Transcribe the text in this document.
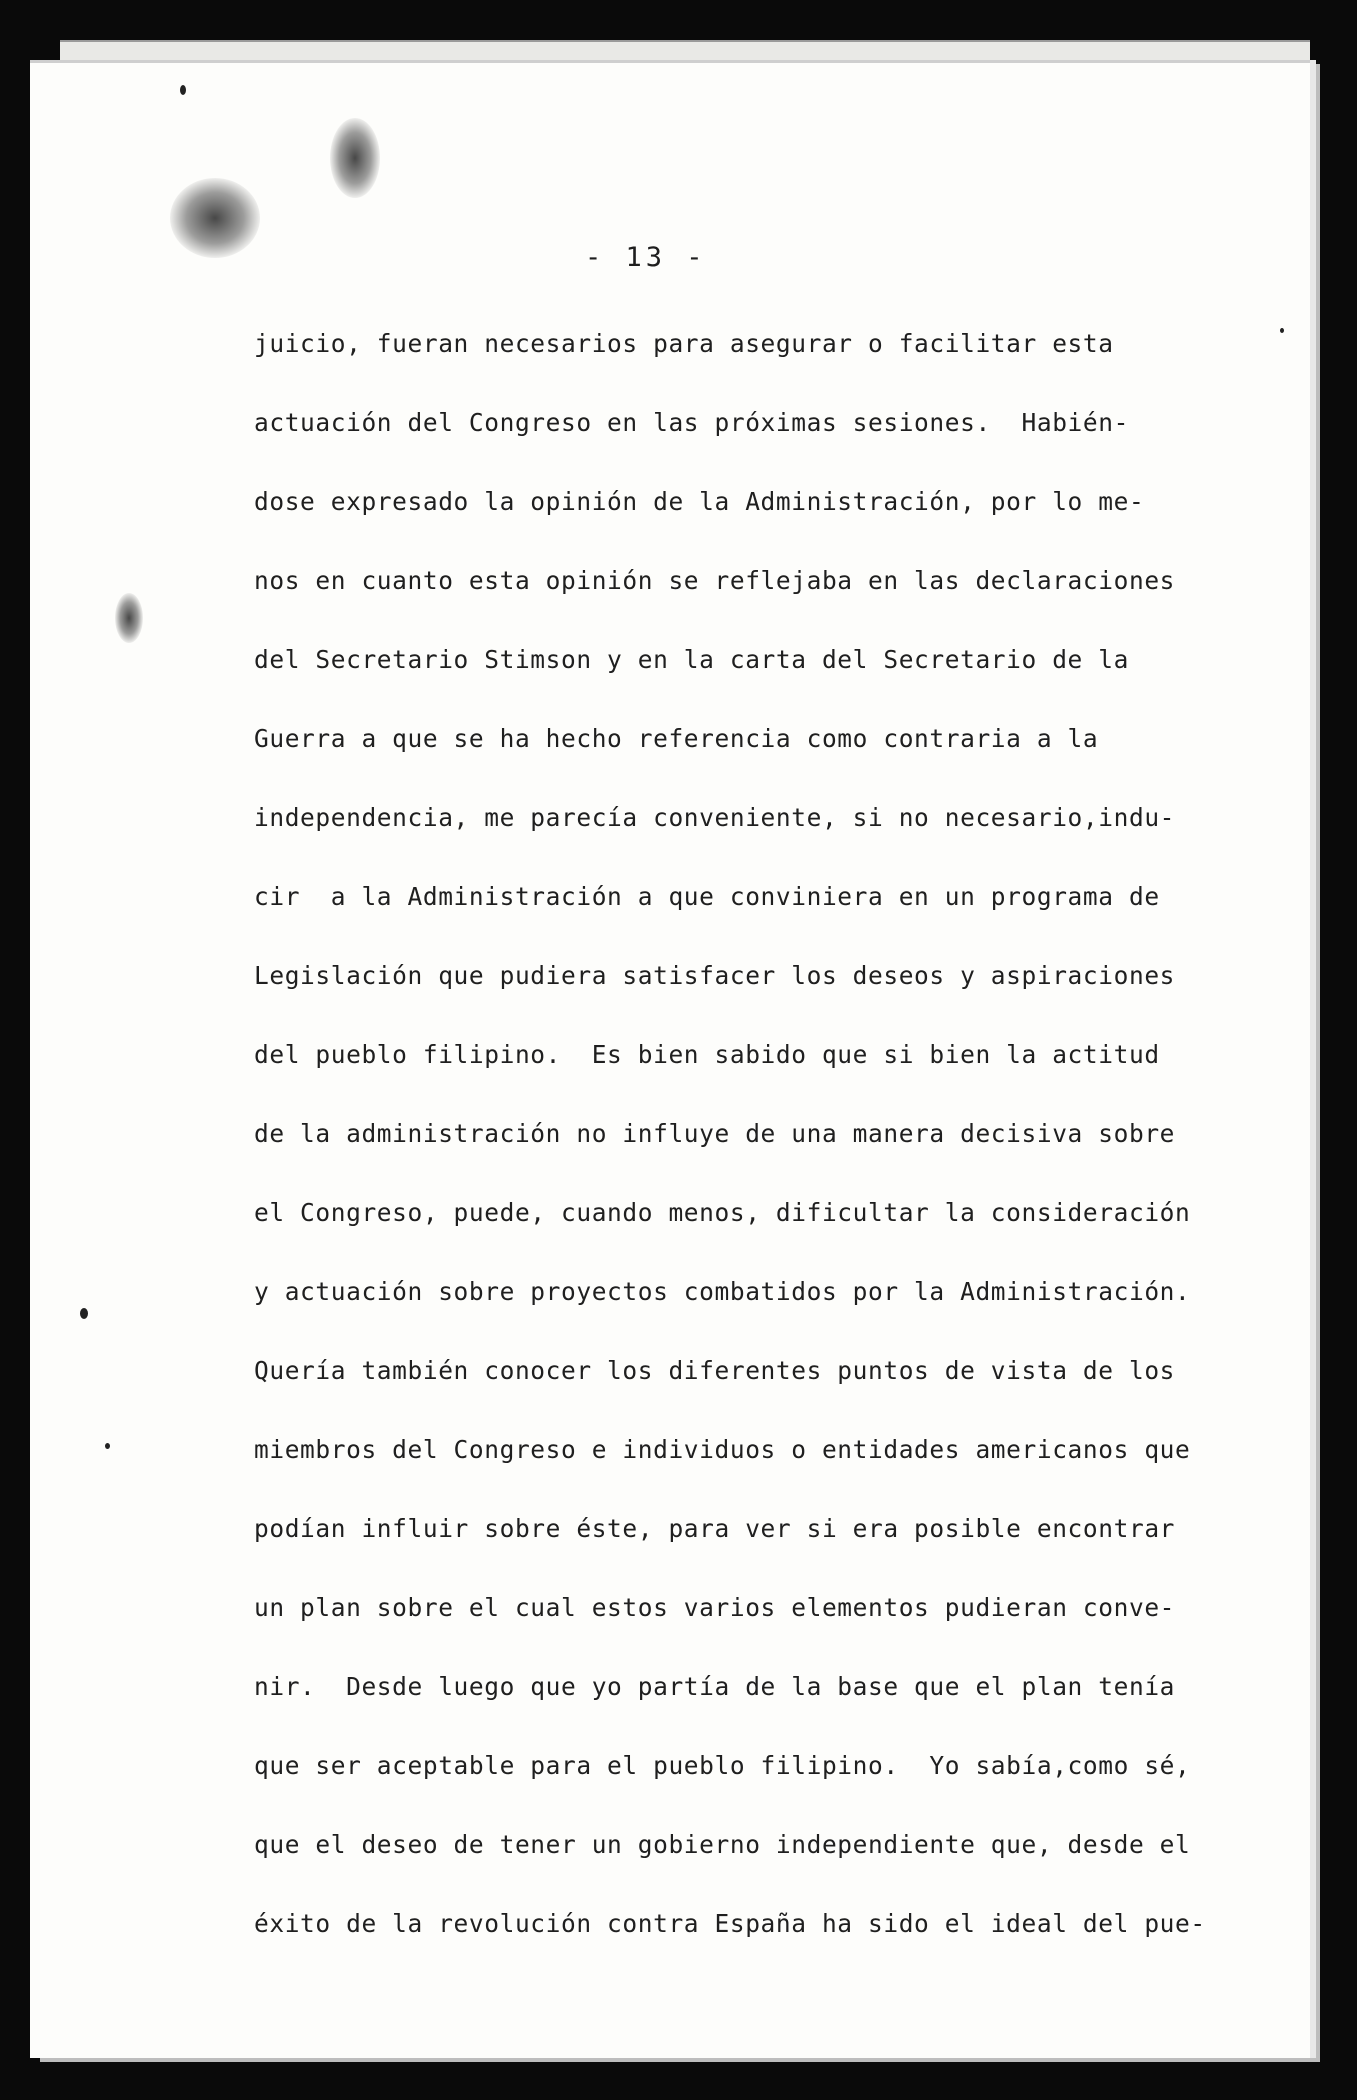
- 13 -
juicio, fueran necesarios para asegurar o facilitar esta
actuación del Congreso en las próximas sesiones.  Habién-
dose expresado la opinión de la Administración, por lo me-
nos en cuanto esta opinión se reflejaba en las declaraciones
del Secretario Stimson y en la carta del Secretario de la
Guerra a que se ha hecho referencia como contraria a la
independencia, me parecía conveniente, si no necesario,indu-
cir  a la Administración a que conviniera en un programa de
Legislación que pudiera satisfacer los deseos y aspiraciones
del pueblo filipino.  Es bien sabido que si bien la actitud
de la administración no influye de una manera decisiva sobre
el Congreso, puede, cuando menos, dificultar la consideración
y actuación sobre proyectos combatidos por la Administración.
Quería también conocer los diferentes puntos de vista de los
miembros del Congreso e individuos o entidades americanos que
podían influir sobre éste, para ver si era posible encontrar
un plan sobre el cual estos varios elementos pudieran conve-
nir.  Desde luego que yo partía de la base que el plan tenía
que ser aceptable para el pueblo filipino.  Yo sabía,como sé,
que el deseo de tener un gobierno independiente que, desde el
éxito de la revolución contra España ha sido el ideal del pue-
